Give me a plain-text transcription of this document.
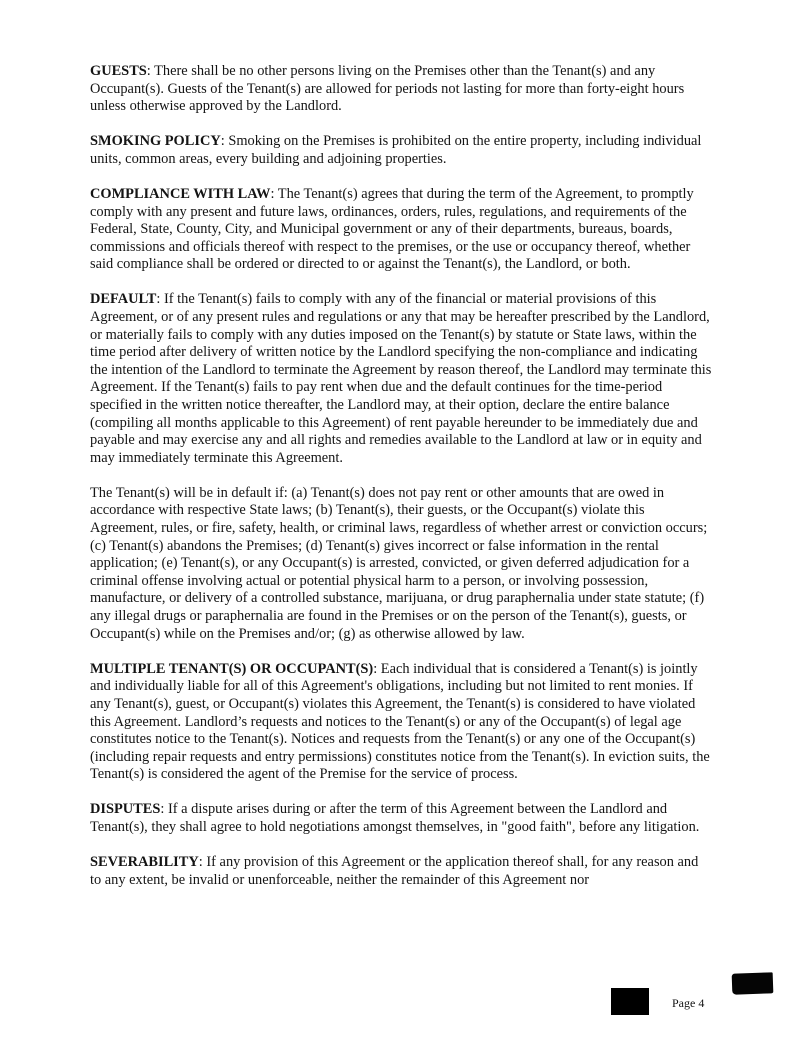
GUESTS: There shall be no other persons living on the Premises other than the Tenant(s) and any Occupant(s). Guests of the Tenant(s) are allowed for periods not lasting for more than forty-eight hours unless otherwise approved by the Landlord.

SMOKING POLICY: Smoking on the Premises is prohibited on the entire property, including individual units, common areas, every building and adjoining properties.

COMPLIANCE WITH LAW: The Tenant(s) agrees that during the term of the Agreement, to promptly comply with any present and future laws, ordinances, orders, rules, regulations, and requirements of the Federal, State, County, City, and Municipal government or any of their departments, bureaus, boards, commissions and officials thereof with respect to the premises, or the use or occupancy thereof, whether said compliance shall be ordered or directed to or against the Tenant(s), the Landlord, or both.

DEFAULT: If the Tenant(s) fails to comply with any of the financial or material provisions of this Agreement, or of any present rules and regulations or any that may be hereafter prescribed by the Landlord, or materially fails to comply with any duties imposed on the Tenant(s) by statute or State laws, within the time period after delivery of written notice by the Landlord specifying the non-compliance and indicating the intention of the Landlord to terminate the Agreement by reason thereof, the Landlord may terminate this Agreement. If the Tenant(s) fails to pay rent when due and the default continues for the time-period specified in the written notice thereafter, the Landlord may, at their option, declare the entire balance (compiling all months applicable to this Agreement) of rent payable hereunder to be immediately due and payable and may exercise any and all rights and remedies available to the Landlord at law or in equity and may immediately terminate this Agreement.

The Tenant(s) will be in default if: (a) Tenant(s) does not pay rent or other amounts that are owed in accordance with respective State laws; (b) Tenant(s), their guests, or the Occupant(s) violate this Agreement, rules, or fire, safety, health, or criminal laws, regardless of whether arrest or conviction occurs; (c) Tenant(s) abandons the Premises; (d) Tenant(s) gives incorrect or false information in the rental application; (e) Tenant(s), or any Occupant(s) is arrested, convicted, or given deferred adjudication for a criminal offense involving actual or potential physical harm to a person, or involving possession, manufacture, or delivery of a controlled substance, marijuana, or drug paraphernalia under state statute; (f) any illegal drugs or paraphernalia are found in the Premises or on the person of the Tenant(s), guests, or Occupant(s) while on the Premises and/or; (g) as otherwise allowed by law.

MULTIPLE TENANT(S) OR OCCUPANT(S): Each individual that is considered a Tenant(s) is jointly and individually liable for all of this Agreement's obligations, including but not limited to rent monies. If any Tenant(s), guest, or Occupant(s) violates this Agreement, the Tenant(s) is considered to have violated this Agreement. Landlord’s requests and notices to the Tenant(s) or any of the Occupant(s) of legal age constitutes notice to the Tenant(s). Notices and requests from the Tenant(s) or any one of the Occupant(s) (including repair requests and entry permissions) constitutes notice from the Tenant(s). In eviction suits, the Tenant(s) is considered the agent of the Premise for the service of process.

DISPUTES: If a dispute arises during or after the term of this Agreement between the Landlord and Tenant(s), they shall agree to hold negotiations amongst themselves, in "good faith", before any litigation.

SEVERABILITY: If any provision of this Agreement or the application thereof shall, for any reason and to any extent, be invalid or unenforceable, neither the remainder of this Agreement nor

Page 4
